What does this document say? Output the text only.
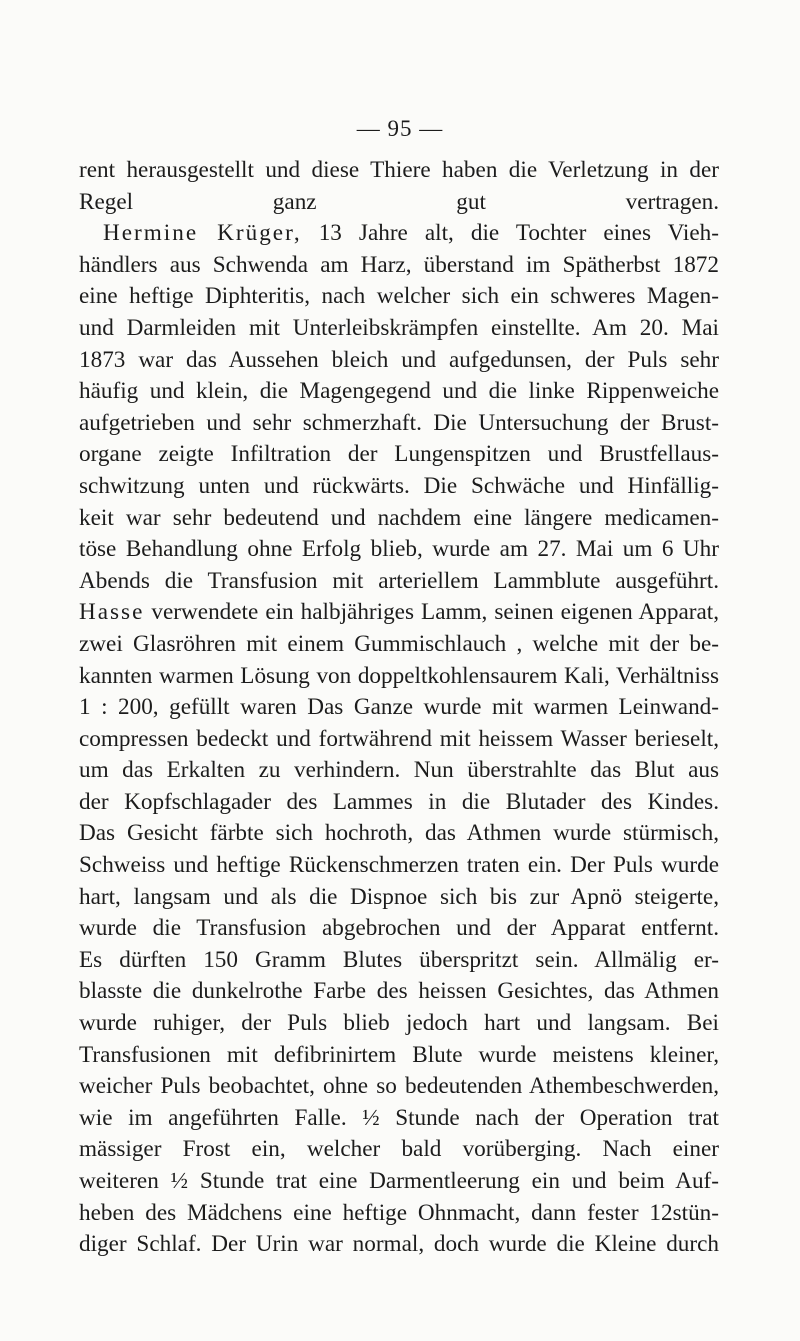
— 95 —
rent herausgestellt und diese Thiere haben die Verletzung in der
Regel ganz gut vertragen.
Hermine Krüger, 13 Jahre alt, die Tochter eines Vieh-
händlers aus Schwenda am Harz, überstand im Spätherbst 1872
eine heftige Diphteritis, nach welcher sich ein schweres Magen-
und Darmleiden mit Unterleibskrämpfen einstellte. Am 20. Mai
1873 war das Aussehen bleich und aufgedunsen, der Puls sehr
häufig und klein, die Magengegend und die linke Rippenweiche
aufgetrieben und sehr schmerzhaft. Die Untersuchung der Brust-
organe zeigte Infiltration der Lungenspitzen und Brustfellaus-
schwitzung unten und rückwärts. Die Schwäche und Hinfällig-
keit war sehr bedeutend und nachdem eine längere medicamen-
töse Behandlung ohne Erfolg blieb, wurde am 27. Mai um 6 Uhr
Abends die Transfusion mit arteriellem Lammblute ausgeführt.
Hasse verwendete ein halbjähriges Lamm, seinen eigenen Apparat,
zwei Glasröhren mit einem Gummischlauch , welche mit der be-
kannten warmen Lösung von doppeltkohlensaurem Kali, Verhältniss
1 : 200, gefüllt waren Das Ganze wurde mit warmen Leinwand-
compressen bedeckt und fortwährend mit heissem Wasser berieselt,
um das Erkalten zu verhindern. Nun überstrahlte das Blut aus
der Kopfschlagader des Lammes in die Blutader des Kindes.
Das Gesicht färbte sich hochroth, das Athmen wurde stürmisch,
Schweiss und heftige Rückenschmerzen traten ein. Der Puls wurde
hart, langsam und als die Dispnoe sich bis zur Apnö steigerte,
wurde die Transfusion abgebrochen und der Apparat entfernt.
Es dürften 150 Gramm Blutes überspritzt sein. Allmälig er-
blasste die dunkelrothe Farbe des heissen Gesichtes, das Athmen
wurde ruhiger, der Puls blieb jedoch hart und langsam. Bei
Transfusionen mit defibrinirtem Blute wurde meistens kleiner,
weicher Puls beobachtet, ohne so bedeutenden Athembeschwerden,
wie im angeführten Falle. ½ Stunde nach der Operation trat
mässiger Frost ein, welcher bald vorüberging. Nach einer
weiteren ½ Stunde trat eine Darmentleerung ein und beim Auf-
heben des Mädchens eine heftige Ohnmacht, dann fester 12stün-
diger Schlaf. Der Urin war normal, doch wurde die Kleine durch
